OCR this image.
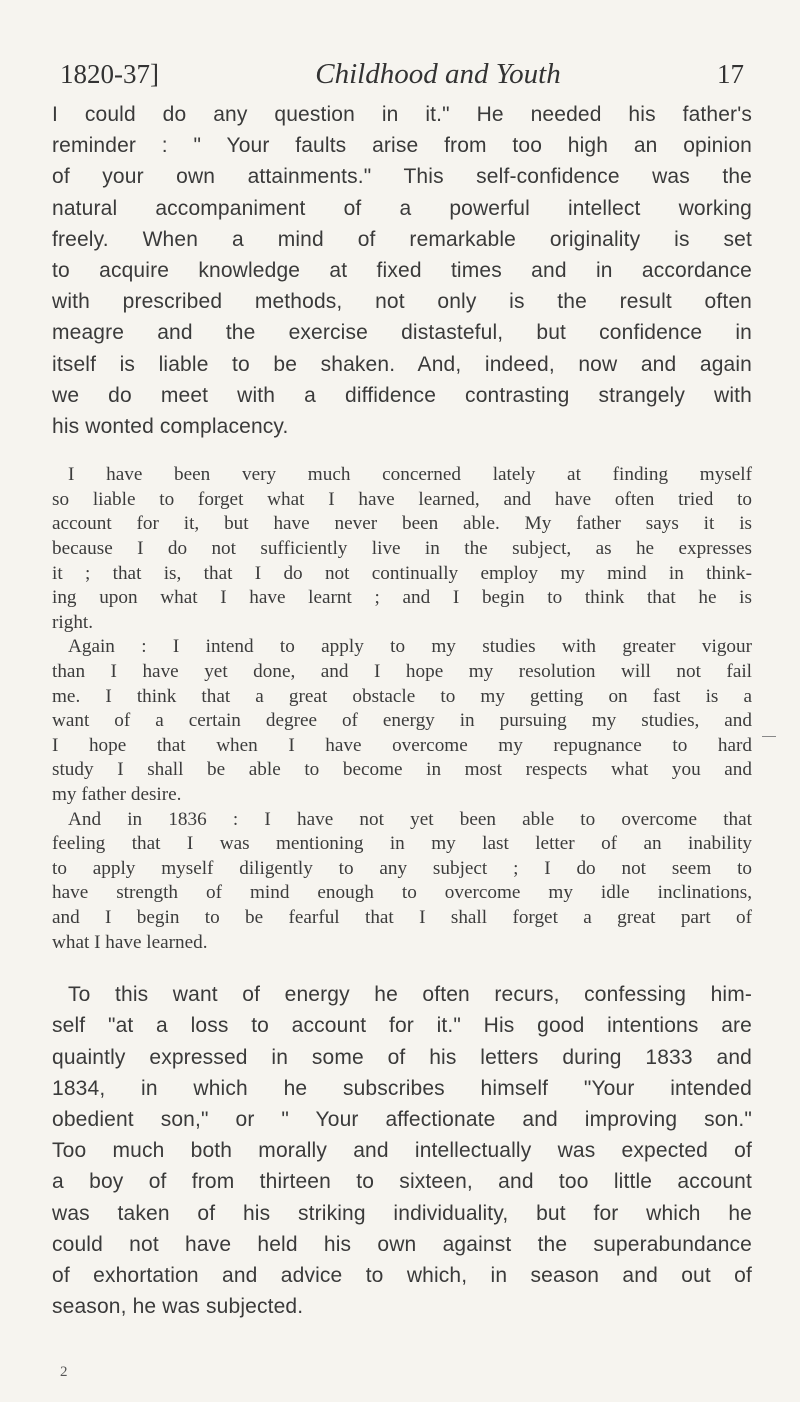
1820-37]	Childhood and Youth	17
I could do any question in it." He needed his father's
reminder : " Your faults arise from too high an opinion
of your own attainments." This self-confidence was the
natural accompaniment of a powerful intellect working
freely. When a mind of remarkable originality is set
to acquire knowledge at fixed times and in accordance
with prescribed methods, not only is the result often
meagre and the exercise distasteful, but confidence in
itself is liable to be shaken. And, indeed, now and again
we do meet with a diffidence contrasting strangely with
his wonted complacency.
I have been very much concerned lately at finding myself
so liable to forget what I have learned, and have often tried to
account for it, but have never been able. My father says it is
because I do not sufficiently live in the subject, as he expresses
it ; that is, that I do not continually employ my mind in think-
ing upon what I have learnt ; and I begin to think that he is
right.
Again : I intend to apply to my studies with greater vigour
than I have yet done, and I hope my resolution will not fail
me. I think that a great obstacle to my getting on fast is a
want of a certain degree of energy in pursuing my studies, and
I hope that when I have overcome my repugnance to hard
study I shall be able to become in most respects what you and
my father desire.
And in 1836 : I have not yet been able to overcome that
feeling that I was mentioning in my last letter of an inability
to apply myself diligently to any subject ; I do not seem to
have strength of mind enough to overcome my idle inclinations,
and I begin to be fearful that I shall forget a great part of
what I have learned.
To this want of energy he often recurs, confessing him-
self "at a loss to account for it." His good intentions are
quaintly expressed in some of his letters during 1833 and
1834, in which he subscribes himself "Your intended
obedient son," or " Your affectionate and improving son."
Too much both morally and intellectually was expected of
a boy of from thirteen to sixteen, and too little account
was taken of his striking individuality, but for which he
could not have held his own against the superabundance
of exhortation and advice to which, in season and out of
season, he was subjected.
2
